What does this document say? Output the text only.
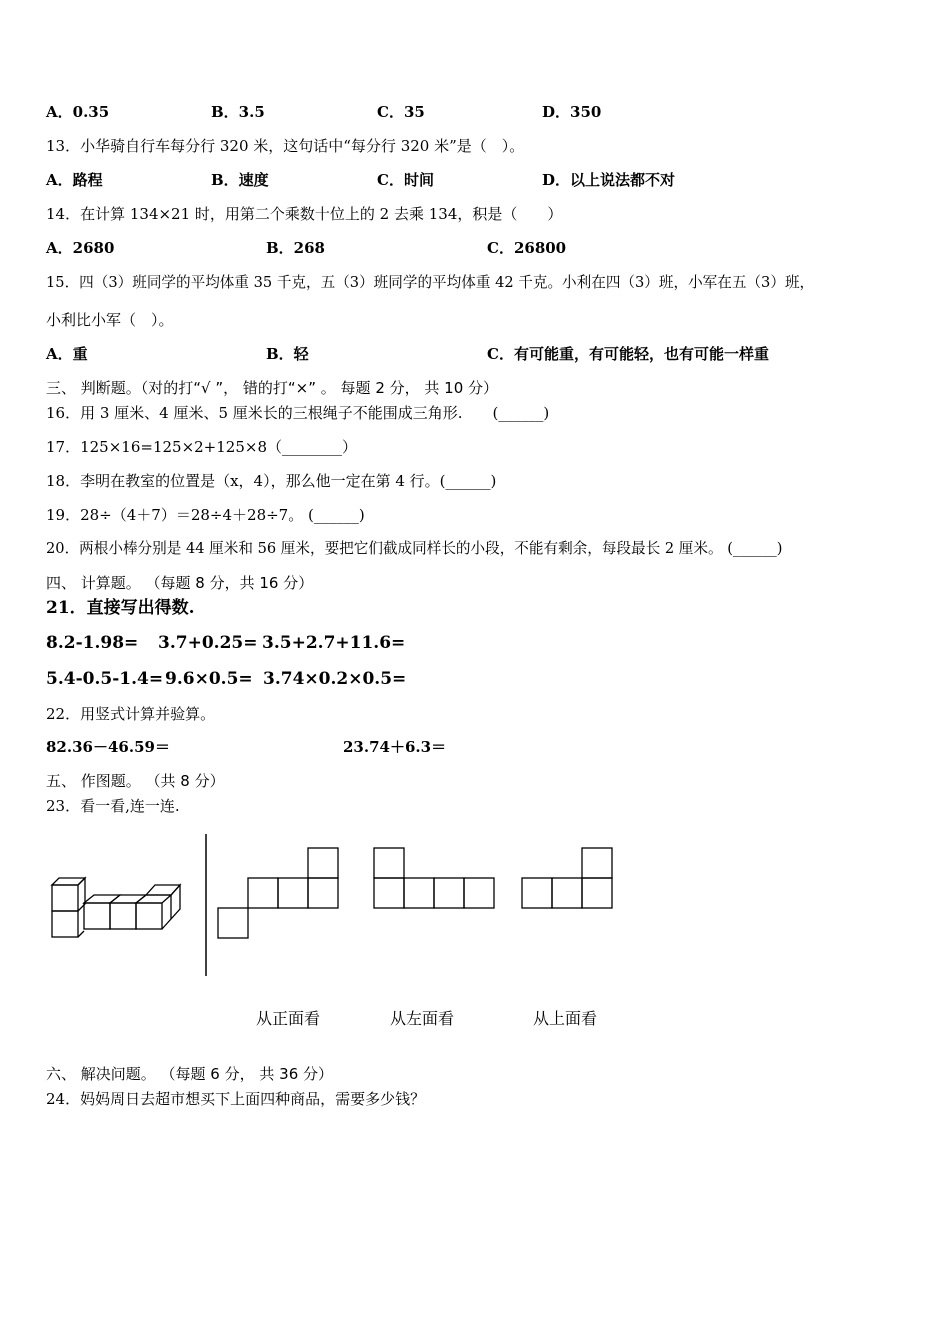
A．0.35	B．3.5	C．35	D．350
13．小华骑自行车每分行 320 米，这句话中“每分行 320 米”是（　）。
A．路程	B．速度	C．时间	D．以上说法都不对
14．在计算 134×21 时，用第二个乘数十位上的 2 去乘 134，积是（　　）
A．2680	B．268	C．26800
15．四（3）班同学的平均体重 35 千克，五（3）班同学的平均体重 42 千克。小利在四（3）班，小军在五（3）班，
小利比小军（　）。
A．重	B．轻	C．有可能重，有可能轻，也有可能一样重
三、 判断题。（对的打“√ ”， 错的打“×” 。 每题 2 分， 共 10 分）
16．用 3 厘米、4 厘米、5 厘米长的三根绳子不能围成三角形.　　(______)
17．125×16=125×2+125×8（________）
18．李明在教室的位置是（x，4），那么他一定在第 4 行。(______)
19．28÷（4＋7）＝28÷4＋28÷7。 (______)
20．两根小棒分别是 44 厘米和 56 厘米，要把它们截成同样长的小段，不能有剩余，每段最长 2 厘米。 (______)
四、 计算题。 （每题 8 分，共 16 分）
21．直接写出得数.
8.2-1.98= 3.7+0.25= 3.5+2.7+11.6=
5.4-0.5-1.4= 9.6×0.5= 3.74×0.2×0.5=
22．用竖式计算并验算。
82.36－46.59＝	23.74＋6.3＝
五、 作图题。 （共 8 分）
23．看一看,连一连.
从正面看	从左面看	从上面看
六、 解决问题。 （每题 6 分， 共 36 分）
24．妈妈周日去超市想买下上面四种商品，需要多少钱？
